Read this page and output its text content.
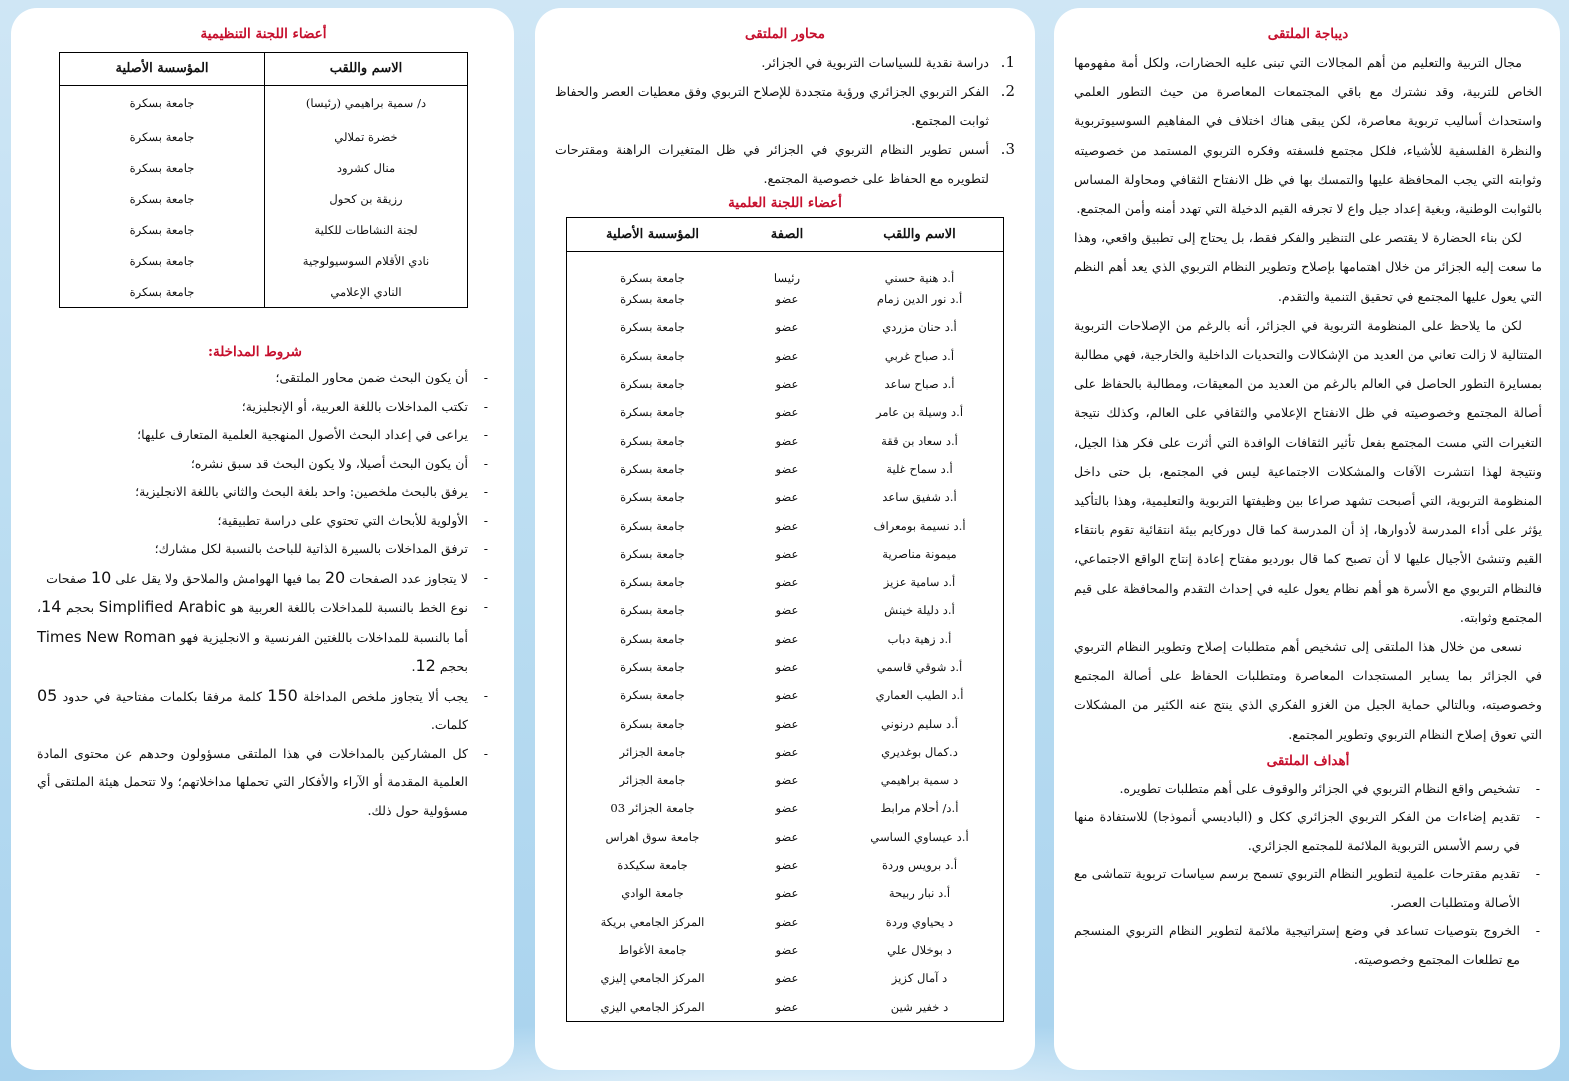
ديباجة الملتقى

مجال التربية والتعليم من أهم المجالات التي تبنى عليه الحضارات، ولكل أمة مفهومها الخاص للتربية، وقد نشترك مع باقي المجتمعات المعاصرة من حيث التطور العلمي واستحداث أساليب تربوية معاصرة، لكن يبقى هناك اختلاف في المفاهيم السوسيوتربوية والنظرة الفلسفية للأشياء، فلكل مجتمع فلسفته وفكره التربوي المستمد من خصوصيته وثوابته التي يجب المحافظة عليها والتمسك بها في ظل الانفتاح الثقافي ومحاولة المساس بالثوابت الوطنية، وبغية إعداد جيل واع لا تجرفه القيم الدخيلة التي تهدد أمنه وأمن المجتمع.

لكن بناء الحضارة لا يقتصر على التنظير والفكر فقط، بل يحتاج إلى تطبيق واقعي، وهذا ما سعت إليه الجزائر من خلال اهتمامها بإصلاح وتطوير النظام التربوي الذي يعد أهم النظم التي يعول عليها المجتمع في تحقيق التنمية والتقدم.

لكن ما يلاحظ على المنظومة التربوية في الجزائر، أنه بالرغم من الإصلاحات التربوية المتتالية لا زالت تعاني من العديد من الإشكالات والتحديات الداخلية والخارجية، فهي مطالبة بمسايرة التطور الحاصل في العالم بالرغم من العديد من المعيقات، ومطالبة بالحفاظ على أصالة المجتمع وخصوصيته في ظل الانفتاح الإعلامي والثقافي على العالم، وكذلك نتيجة التغيرات التي مست المجتمع بفعل تأثير الثقافات الوافدة التي أثرت على فكر هذا الجيل، ونتيجة لهذا انتشرت الآفات والمشكلات الاجتماعية ليس في المجتمع، بل حتى داخل المنظومة التربوية، التي أصبحت تشهد صراعا بين وظيفتها التربوية والتعليمية، وهذا بالتأكيد يؤثر على أداء المدرسة لأدوارها، إذ أن المدرسة كما قال دوركايم بيئة انتقائية تقوم بانتقاء القيم وتنشئ الأجيال عليها لا أن تصبح كما قال بورديو مفتاح إعادة إنتاج الواقع الاجتماعي، فالنظام التربوي مع الأسرة هو أهم نظام يعول عليه في إحداث التقدم والمحافظة على قيم المجتمع وثوابته.

نسعى من خلال هذا الملتقى إلى تشخيص أهم متطلبات إصلاح وتطوير النظام التربوي في الجزائر بما يساير المستجدات المعاصرة ومتطلبات الحفاظ على أصالة المجتمع وخصوصيته، وبالتالي حماية الجيل من الغزو الفكري الذي ينتج عنه الكثير من المشكلات التي تعوق إصلاح النظام التربوي وتطوير المجتمع.

أهداف الملتقى
- تشخيص واقع النظام التربوي في الجزائر والوقوف على أهم متطلبات تطويره.
- تقديم إضاءات من الفكر التربوي الجزائري ككل و (الباديسي أنموذجا) للاستفادة منها في رسم الأسس التربوية الملائمة للمجتمع الجزائري.
- تقديم مقترحات علمية لتطوير النظام التربوي تسمح برسم سياسات تربوية تتماشى مع الأصالة ومتطلبات العصر.
- الخروج بتوصيات تساعد في وضع إستراتيجية ملائمة لتطوير النظام التربوي المنسجم مع تطلعات المجتمع وخصوصيته.
محاور الملتقى
1.
دراسة نقدية للسياسات التربوية في الجزائر.
2.
الفكر التربوي الجزائري ورؤية متجددة للإصلاح التربوي وفق معطيات العصر والحفاظ ثوابت المجتمع.
3.
أسس تطوير النظام التربوي في الجزائر في ظل المتغيرات الراهنة ومقترحات لتطويره مع الحفاظ على خصوصية المجتمع.
أعضاء اللجنة العلمية
الاسم واللقب	الصفة	المؤسسة الأصلية
أ.د هنية حسني	رئيسا	جامعة بسكرة
أ.د نور الدين زمام	عضو	جامعة بسكرة
أ.د حنان مزردي	عضو	جامعة بسكرة
أ.د صباح غربي	عضو	جامعة بسكرة
أ.د صباح ساعد	عضو	جامعة بسكرة
أ.د وسيلة بن عامر	عضو	جامعة بسكرة
أ.د سعاد بن ققة	عضو	جامعة بسكرة
أ.د سماح غلية	عضو	جامعة بسكرة
أ.د شفيق ساعد	عضو	جامعة بسكرة
أ.د نسيمة بومعراف	عضو	جامعة بسكرة
ميمونة مناصرية	عضو	جامعة بسكرة
أ.د سامية عزيز	عضو	جامعة بسكرة
أ.د دليلة خينش	عضو	جامعة بسكرة
أ.د زهية دباب	عضو	جامعة بسكرة
أ.د شوقي قاسمي	عضو	جامعة بسكرة
أ.د الطيب العماري	عضو	جامعة بسكرة
أ.د سليم درنوني	عضو	جامعة بسكرة
د.كمال بوغديري	عضو	جامعة الجزائر
د سمية براهيمي	عضو	جامعة الجزائر
أ.د/ أحلام مرابط	عضو	جامعة الجزائر 03
أ.د عيساوي الساسي	عضو	جامعة سوق اهراس
أ.د برويس وردة	عضو	جامعة سكيكدة
أ.د نبار ربيحة	عضو	جامعة الوادي
د يحياوي وردة	عضو	المركز الجامعي بريكة
د بوخلال علي	عضو	جامعة الأغواط
د آمال كزيز	عضو	المركز الجامعي إليزي
د خفير شين	عضو	المركز الجامعي اليزي
أعضاء اللجنة التنظيمية
الاسم واللقب	المؤسسة الأصلية
د/ سمية براهيمي (رئيسا)	جامعة بسكرة
خضرة تملالي	جامعة بسكرة
منال كشرود	جامعة بسكرة
رزيقة بن كحول	جامعة بسكرة
لجنة النشاطات للكلية	جامعة بسكرة
نادي الأقلام السوسيولوجية	جامعة بسكرة
النادي الإعلامي	جامعة بسكرة
شروط المداخلة:
- أن يكون البحث ضمن محاور الملتقى؛
- تكتب المداخلات باللغة العربية، أو الإنجليزية؛
- يراعى في إعداد البحث الأصول المنهجية العلمية المتعارف عليها؛
- أن يكون البحث أصيلا، ولا يكون البحث قد سبق نشره؛
- يرفق بالبحث ملخصين: واحد بلغة البحث والثاني باللغة الانجليزية؛
- الأولوية للأبحاث التي تحتوي على دراسة تطبيقية؛
- ترفق المداخلات بالسيرة الذاتية للباحث بالنسبة لكل مشارك؛
- لا يتجاوز عدد الصفحات 20 بما فيها الهوامش والملاحق ولا يقل على 10 صفحات
- نوع الخط بالنسبة للمداخلات باللغة العربية هو Simplified Arabic بحجم 14، أما بالنسبة للمداخلات باللغتين الفرنسية و الانجليزية فهو Times New Roman بحجم 12.
- يجب ألا يتجاوز ملخص المداخلة 150 كلمة مرفقا بكلمات مفتاحية في حدود 05 كلمات.
- كل المشاركين بالمداخلات في هذا الملتقى مسؤولون وحدهم عن محتوى المادة العلمية المقدمة أو الآراء والأفكار التي تحملها مداخلاتهم؛ ولا تتحمل هيئة الملتقى أي مسؤولية حول ذلك.
